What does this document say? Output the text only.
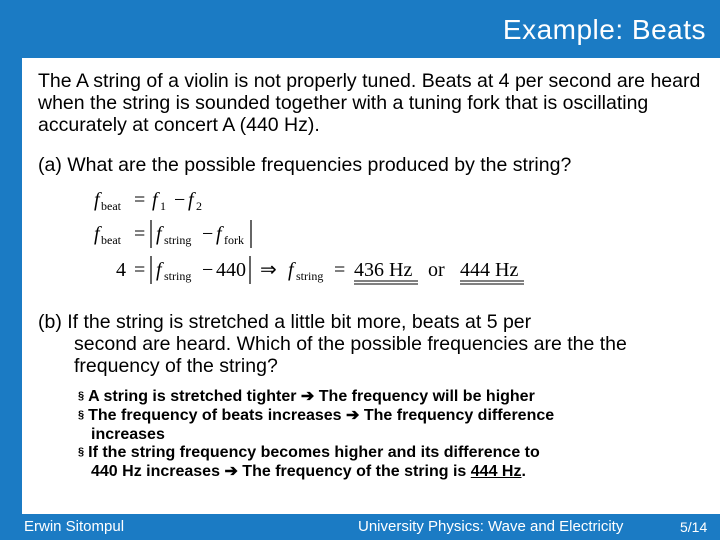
Example: Beats
The A string of a violin is not properly tuned. Beats at 4 per second are heard when the string is sounded together with a tuning fork that is oscillating accurately at concert A (440 Hz).
(a) What are the possible frequencies produced by the string?
f beat = f 1 − f 2
f beat = f string − f fork
4 = f string − 440 ⇒ f string = 436 Hz or 444 Hz
(b) If the string is stretched a little bit more, beats at 5 per
second are heard. Which of the possible frequencies are the the frequency of the string?
§ A string is stretched tighter ➔ The frequency will be higher
§ The frequency of beats increases ➔ The frequency difference
increases
§ If the string frequency becomes higher and its difference to
440 Hz increases ➔ The frequency of the string is 444 Hz.
Erwin Sitompul	University Physics: Wave and Electricity	5/14
